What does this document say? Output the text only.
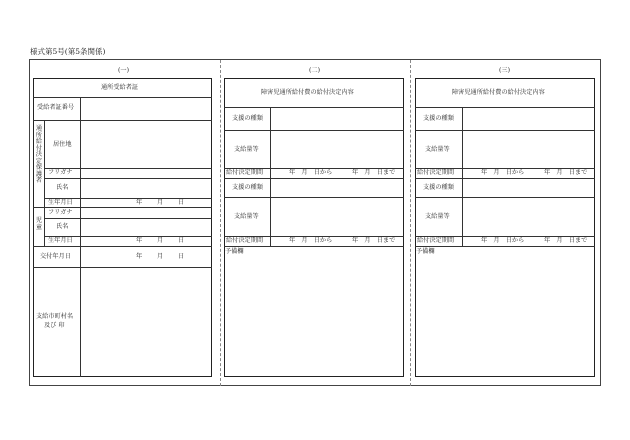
様式第5号(第5条関係)
(一)	(二)	(三)
通所受給者証
受給者証番号
通所給付決定保護者
居住地
フリガナ
氏名
生年月日	年 月 日
児童
フリガナ
氏名
生年月日	年 月 日
交付年月日	年 月 日
支給市町村名
及び 印
障害児通所給付費の給付決定内容
支援の種類
支給量等
給付決定期間	年　月　日から	年　月　日まで
支援の種類
支給量等
給付決定期間	年　月　日から	年　月　日まで
予備欄
障害児通所給付費の給付決定内容
支援の種類
支給量等
給付決定期間	年　月　日から	年　月　日まで
支援の種類
支給量等
給付決定期間	年　月　日から	年　月　日まで
予備欄
